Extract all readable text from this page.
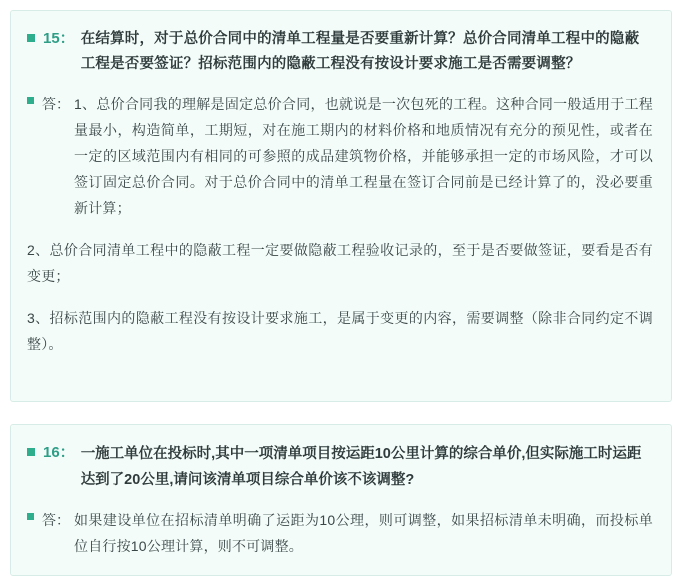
15： 在结算时，对于总价合同中的清单工程量是否要重新计算？总价合同清单工程中的隐蔽工程是否要签证？招标范围内的隐蔽工程没有按设计要求施工是否需要调整？
答： 1、总价合同我的理解是固定总价合同，也就说是一次包死的工程。这种合同一般适用于工程量最小，构造简单，工期短，对在施工期内的材料价格和地质情况有充分的预见性，或者在一定的区域范围内有相同的可参照的成品建筑物价格，并能够承担一定的市场风险，才可以签订固定总价合同。对于总价合同中的清单工程量在签订合同前是已经计算了的，没必要重新计算；
2、总价合同清单工程中的隐蔽工程一定要做隐蔽工程验收记录的，至于是否要做签证，要看是否有变更；
3、招标范围内的隐蔽工程没有按设计要求施工，是属于变更的内容，需要调整（除非合同约定不调整）。
16： 一施工单位在投标时,其中一项清单项目按运距10公里计算的综合单价,但实际施工时运距达到了20公里,请问该清单项目综合单价该不该调整?
答： 如果建设单位在招标清单明确了运距为10公理，则可调整，如果招标清单未明确，而投标单位自行按10公理计算，则不可调整。
